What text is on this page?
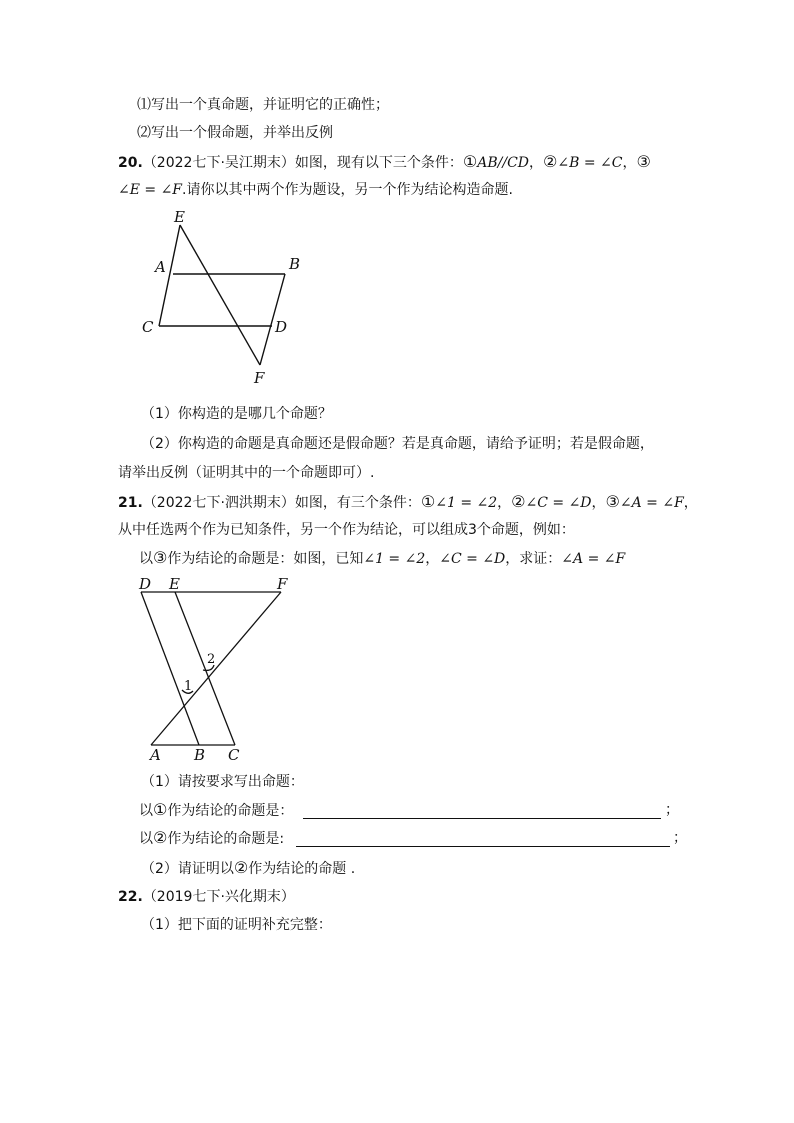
⑴写出一个真命题，并证明它的正确性；
⑵写出一个假命题，并举出反例
20.（2022七下·吴江期末）如图，现有以下三个条件：①AB//CD，②∠B = ∠C，③
∠E = ∠F.请你以其中两个作为题设，另一个作为结论构造命题.
E
A	B
C	D
F
（1）你构造的是哪几个命题？
（2）你构造的命题是真命题还是假命题？若是真命题，请给予证明；若是假命题，
请举出反例（证明其中的一个命题即可）.
21.（2022七下·泗洪期末）如图，有三个条件：①∠1 = ∠2，②∠C = ∠D，③∠A = ∠F，
从中任选两个作为已知条件，另一个作为结论，可以组成3个命题，例如：
以③作为结论的命题是：如图，已知∠1 = ∠2，∠C = ∠D，求证：∠A = ∠F
D E	F
A B C
1
2
（1）请按要求写出命题：
以①作为结论的命题是：	；
以②作为结论的命题是:	；
（2）请证明以②作为结论的命题 .
22.（2019七下·兴化期末）
（1）把下面的证明补充完整：
